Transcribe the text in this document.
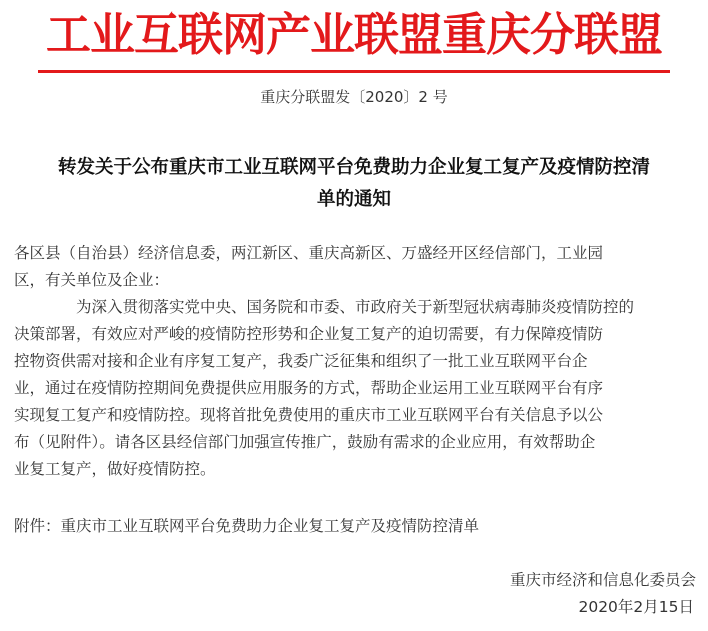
工业互联网产业联盟重庆分联盟
重庆分联盟发〔2020〕2 号
转发关于公布重庆市工业互联网平台免费助力企业复工复产及疫情防控清
单的通知
各区县（自治县）经济信息委，两江新区、重庆高新区、万盛经开区经信部门，工业园
区，有关单位及企业：
为深入贯彻落实党中央、国务院和市委、市政府关于新型冠状病毒肺炎疫情防控的
决策部署，有效应对严峻的疫情防控形势和企业复工复产的迫切需要，有力保障疫情防
控物资供需对接和企业有序复工复产，我委广泛征集和组织了一批工业互联网平台企
业，通过在疫情防控期间免费提供应用服务的方式，帮助企业运用工业互联网平台有序
实现复工复产和疫情防控。现将首批免费使用的重庆市工业互联网平台有关信息予以公
布（见附件）。请各区县经信部门加强宣传推广，鼓励有需求的企业应用，有效帮助企
业复工复产，做好疫情防控。
附件：重庆市工业互联网平台免费助力企业复工复产及疫情防控清单
重庆市经济和信息化委员会
2020年2月15日
